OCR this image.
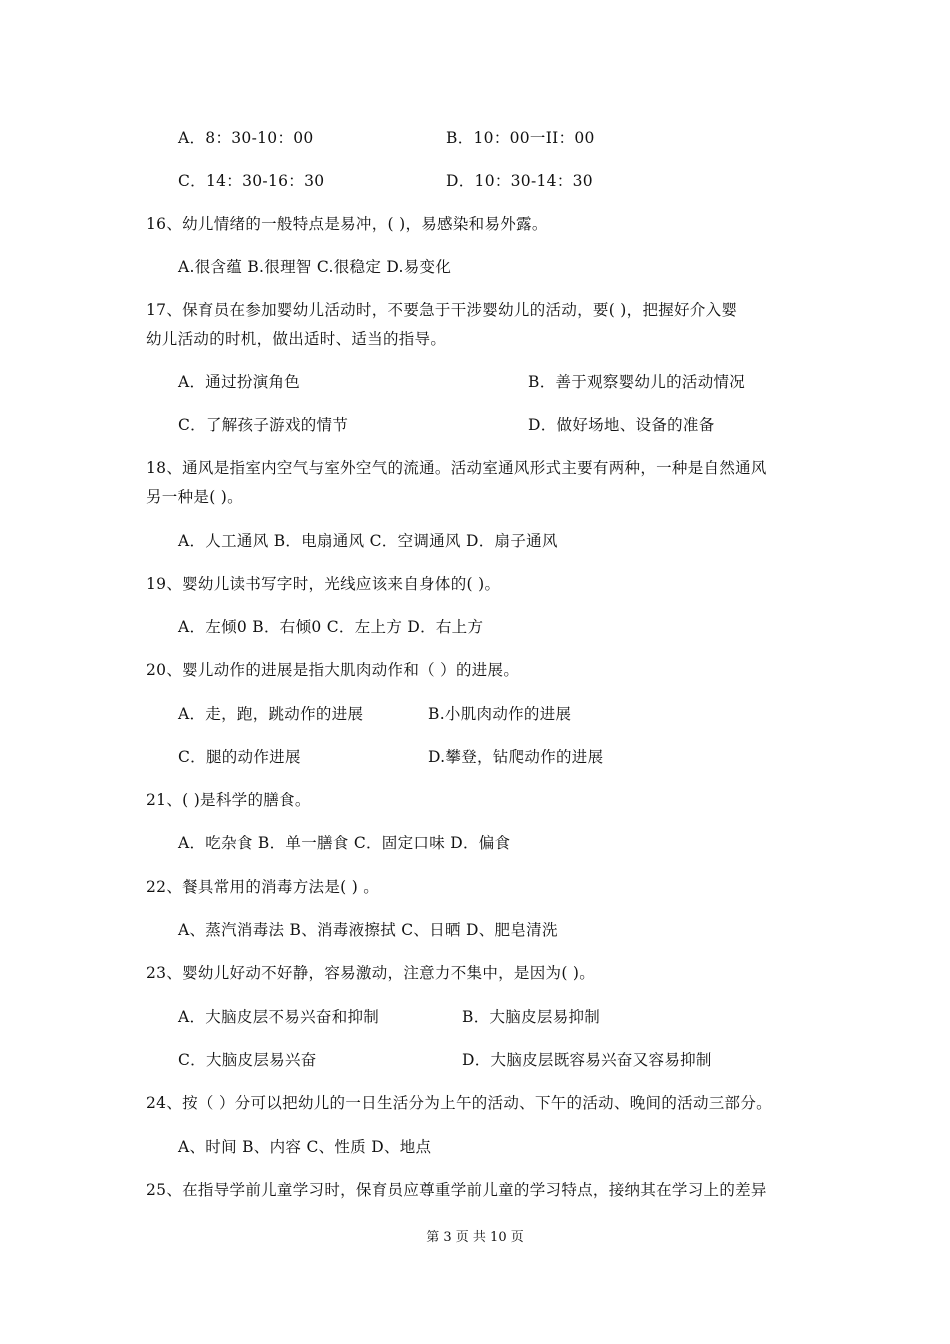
A．8：30-10：00	B．10：00一II：00
C．14：30-16：30	D．10：30-14：30
16、幼儿情绪的一般特点是易冲，( )，易感染和易外露。
A.很含蕴 B.很理智 C.很稳定 D.易变化
17、保育员在参加婴幼儿活动时，不要急于干涉婴幼儿的活动，要( )，把握好介入婴
幼儿活动的时机，做出适时、适当的指导。
A．通过扮演角色	B．善于观察婴幼儿的活动情况
C．了解孩子游戏的情节	D．做好场地、设备的准备
18、通风是指室内空气与室外空气的流通。活动室通风形式主要有两种，一种是自然通风
另一种是( )。
A．人工通风 B．电扇通风 C．空调通风 D．扇子通风
19、婴幼儿读书写字时，光线应该来自身体的( )。
A．左倾0 B．右倾0 C．左上方 D．右上方
20、婴儿动作的进展是指大肌肉动作和（ ）的进展。
A．走，跑，跳动作的进展	B.小肌肉动作的进展
C．腿的动作进展	D.攀登，钻爬动作的进展
21、( )是科学的膳食。
A．吃杂食 B．单一膳食 C．固定口味 D．偏食
22、餐具常用的消毒方法是( ) 。
A、蒸汽消毒法 B、消毒液擦拭 C、日晒 D、肥皂清洗
23、婴幼儿好动不好静，容易激动，注意力不集中，是因为( )。
A．大脑皮层不易兴奋和抑制	B．大脑皮层易抑制
C．大脑皮层易兴奋	D．大脑皮层既容易兴奋又容易抑制
24、按（ ）分可以把幼儿的一日生活分为上午的活动、下午的活动、晚间的活动三部分。
A、时间 B、内容 C、性质 D、地点
25、在指导学前儿童学习时，保育员应尊重学前儿童的学习特点，接纳其在学习上的差异
第 3 页 共 10 页
